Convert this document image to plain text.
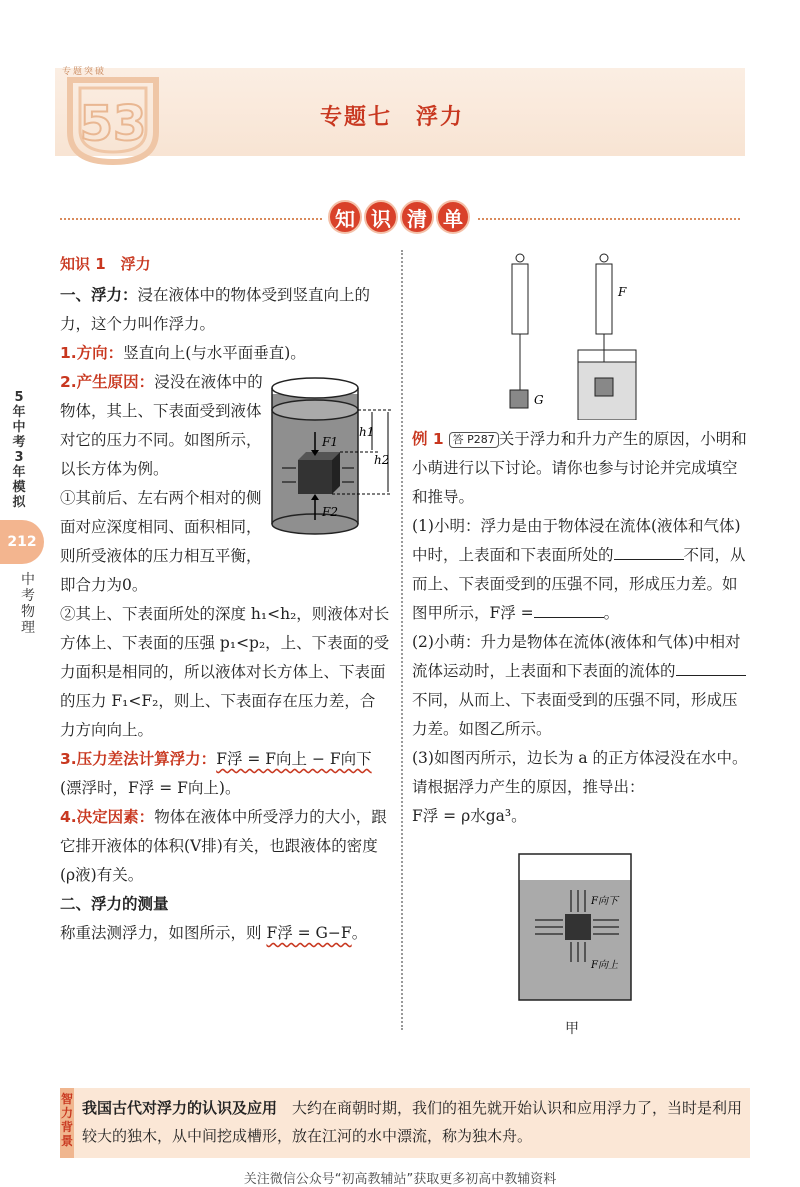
53
专题突破
专题七　浮力
知 识 清 单
5年中考3年模拟
212
中考物理
知识 1　浮力
一、浮力：浸在液体中的物体受到竖直向上的力，这个力叫作浮力。
1.方向：竖直向上(与水平面垂直)。
2.产生原因：浸没在液体中的物体，其上、下表面受到液体对它的压力不同。如图所示，以长方体为例。
①其前后、左右两个相对的侧面对应深度相同、面积相同，则所受液体的压力相互平衡，即合力为0。
②其上、下表面所处的深度 h₁<h₂，则液体对长方体上、下表面的压强 p₁<p₂，上、下表面的受力面积是相同的，所以液体对长方体上、下表面的压力 F₁<F₂，则上、下表面存在压力差，合力方向向上。
3.压力差法计算浮力：F浮 = F向上 − F向下(漂浮时，F浮 = F向上)。
4.决定因素：物体在液体中所受浮力的大小，跟它排开液体的体积(V排)有关，也跟液体的密度(ρ液)有关。
二、浮力的测量
称重法测浮力，如图所示，则 F浮 = G−F。
h1
h2
F1
F2
G
F
例 1 答 P287 关于浮力和升力产生的原因，小明和小萌进行以下讨论。请你也参与讨论并完成填空和推导。
(1)小明：浮力是由于物体浸在流体(液体和气体)中时，上表面和下表面所处的	不同，从而上、下表面受到的压强不同，形成压力差。如图甲所示，F浮 =	。
(2)小萌：升力是物体在流体(液体和气体)中相对流体运动时，上表面和下表面的流体的不同，从而上、下表面受到的压强不同，形成压力差。如图乙所示。
(3)如图丙所示，边长为 a 的正方体浸没在水中。请根据浮力产生的原因，推导出：
F浮 = ρ水ga³。
F向下
F向上
甲
智力背景
我国古代对浮力的认识及应用　 大约在商朝时期，我们的祖先就开始认识和应用浮力了，当时是利用较大的独木，从中间挖成槽形，放在江河的水中漂流，称为独木舟。
关注微信公众号“初高教辅站”获取更多初高中教辅资料
